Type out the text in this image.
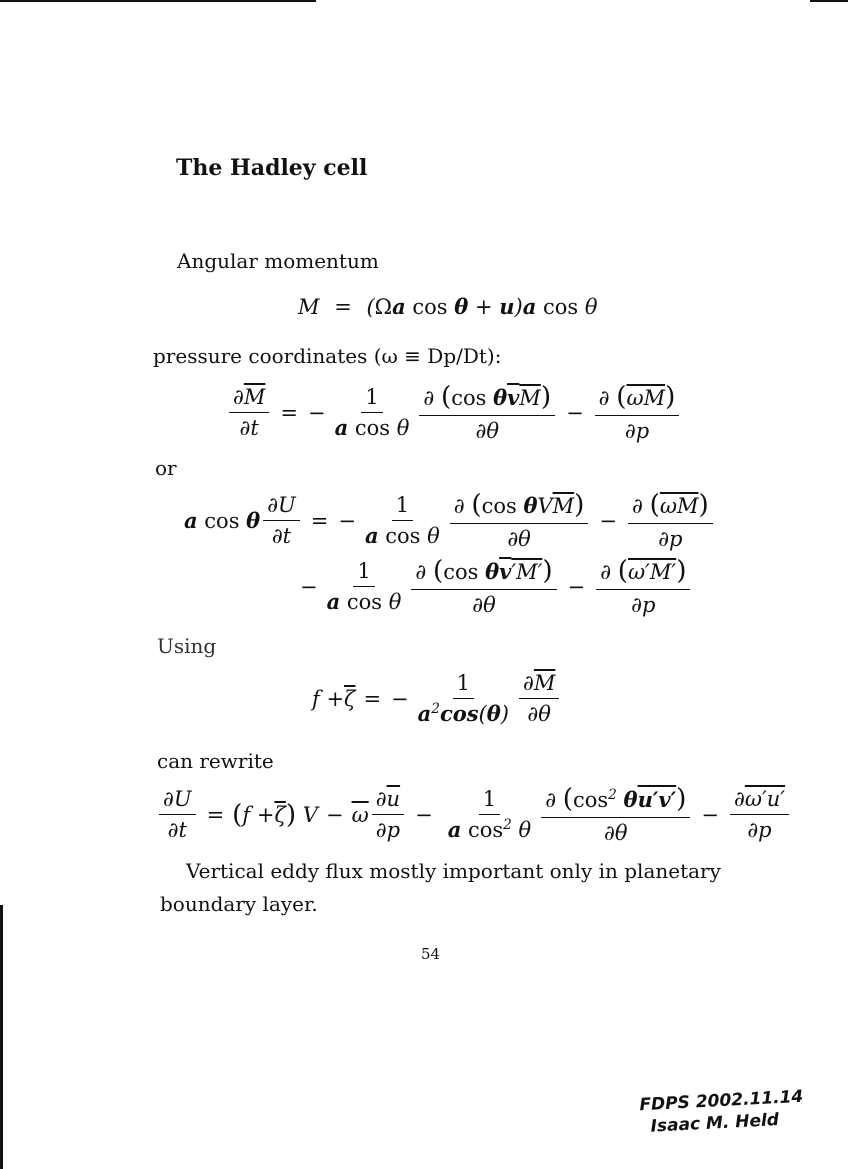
The Hadley cell
Angular momentum
M = (Ωa cos θ + u)a cos θ
pressure coordinates (ω ≡ Dp/Dt):
$\frac{\partial\overline{M}}{\partial t}$ = − $\frac{1}{\text{a cos θ}} \frac{\text{∂ (cos θvM)}}{\partial\theta} - \frac{\partial (\overline{\omega M})}{\partial p}$
or
a
cos
θ $\frac{\partial U}{\partial t}$ = − $\frac{1}{\text{a cos θ}} \frac{\partial (\cos \theta V\overline{M})}{\partial\theta} - \frac{\partial (\overline{\omega}\overline{M})}{\partial p}$
− $\frac{1}{\text{a cos θ}} \frac{\text{∂ (cos θv′M′)}}{\partial\theta} - \frac{\partial (\omega'M')}{\partial p}$
Using
$f + \overline{\zeta}$ = − $\frac{1}{a^2\cos(\theta)} \frac{\partial\overline{M}}{\partial\theta}$
can rewrite
$\frac{\partial U}{\partial t}$ = ( $f + \overline{\zeta}$ ) $V - \overline{\omega} \frac{\partial\overline{u}}{\partial p} - \frac{1}{a \cos^2 \theta} \frac{\partial (\cos^2 \theta u'v')}{\partial\theta} - \frac{\partial\omega'u'}{\partial p}$
Vertical eddy flux mostly important only in planetary
boundary layer.
54
FDPS 2002.11.14
Isaac M. Held
